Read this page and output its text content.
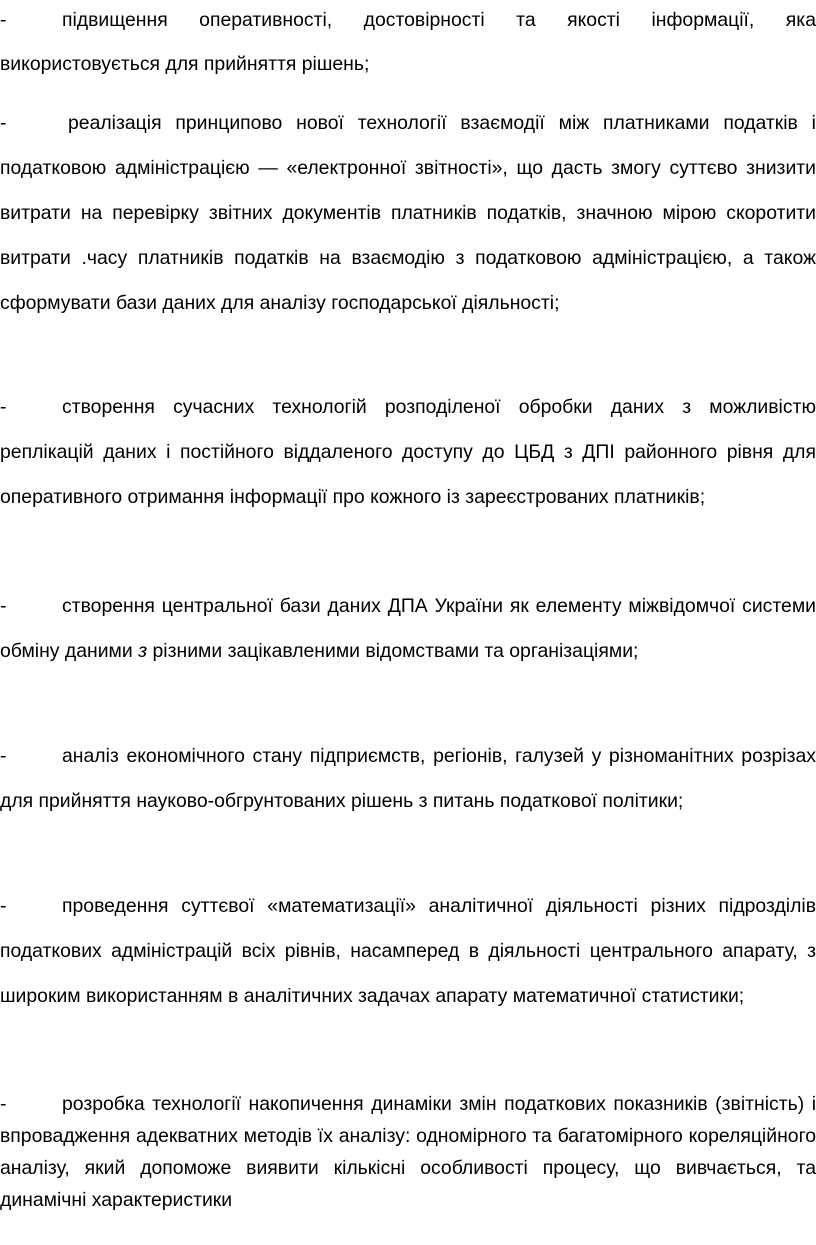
-	підвищення оперативності, достовірності та якості інформації, яка використовується для прийняття рішень;

-	реалізація принципово нової технології взаємодії між платниками податків і податковою адміністрацією — «електронної звітності», що дасть змогу суттєво знизити витрати на перевірку звітних документів платників податків, значною мірою скоротити витрати .часу платників податків на взаємодію з податковою адміністрацією, а також сформувати бази даних для аналізу господарської діяльності;

-	створення сучасних технологій розподіленої обробки даних з можливістю реплікацій даних і постійного віддаленого доступу до ЦБД з ДПІ районного рівня для оперативного отримання інформації про кожного із зареєстрованих платників;

-	створення центральної бази даних ДПА України як елементу міжвідомчої системи обміну даними з різними зацікавленими відомствами та організаціями;

-	аналіз економічного стану підприємств, регіонів, галузей у різноманітних розрізах для прийняття науково-обгрунтованих рішень з питань податкової політики;

-	проведення суттєвої «математизації» аналітичної діяльності різних підрозділів податкових адміністрацій всіх рівнів, насамперед в діяльності центрального апарату, з широким використанням в аналітичних задачах апарату математичної статистики;

-	розробка технології накопичення динаміки змін податкових показників (звітність) і впровадження адекватних методів їх аналізу: одномірного та багатомірного кореляційного аналізу, який допоможе виявити кількісні особливості процесу, що вивчається, та динамічні характеристики
